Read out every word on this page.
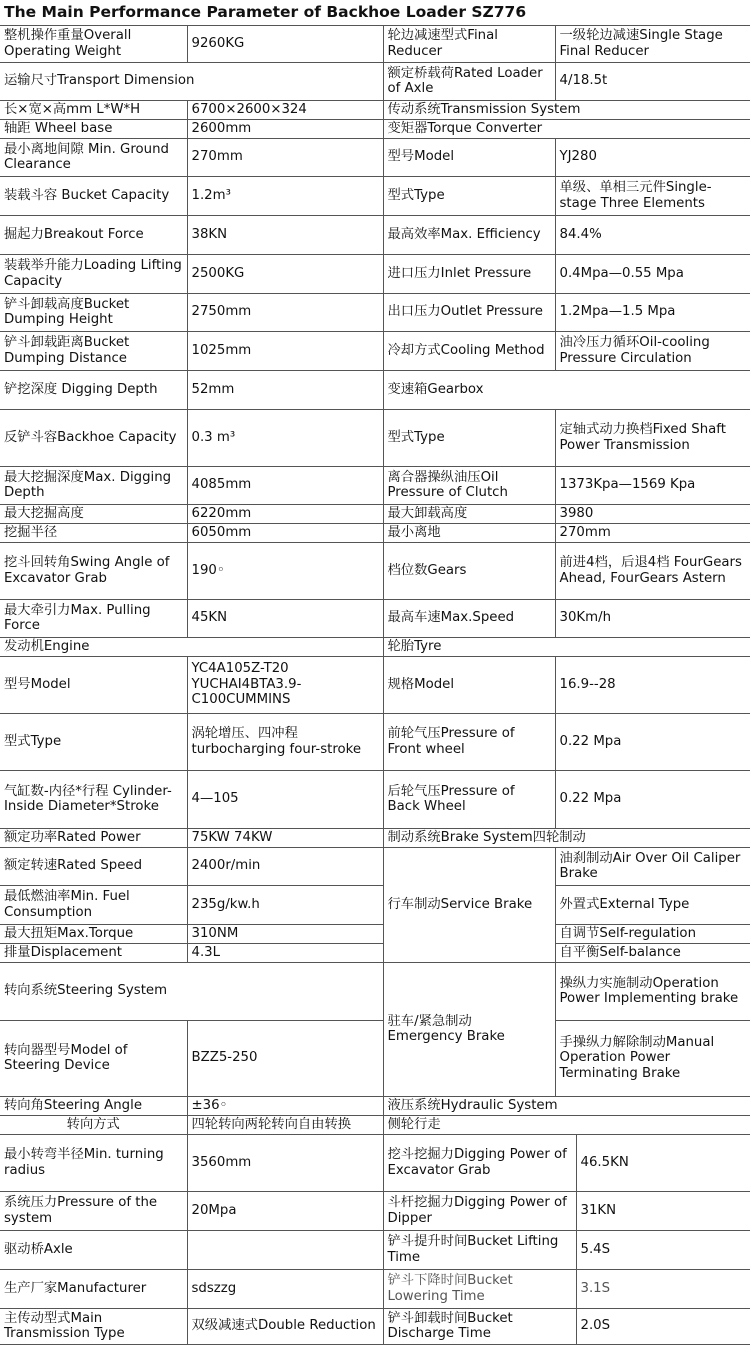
The Main Performance Parameter of Backhoe Loader SZ776
整机操作重量Overall Operating Weight	9260KG	轮边减速型式Final Reducer	一级轮边减速Single Stage Final Reducer	
运输尺寸Transport Dimension		额定桥载荷Rated Loader of Axle	4/18.5t	
长×宽×高mm L*W*H	6700×2600×324	传动系统Transmission System		
轴距 Wheel base	2600mm	变矩器Torque Converter		
最小离地间隙 Min. Ground Clearance	270mm	型号Model	YJ280	
装载斗容 Bucket Capacity	1.2m³	型式Type	单级、单相三元件Single-stage Three Elements	
掘起力Breakout Force	38KN	最高效率Max. Efficiency	84.4%	
装载举升能力Loading Lifting Capacity	2500KG	进口压力Inlet Pressure	0.4Mpa—0.55 Mpa	
铲斗卸载高度Bucket Dumping Height	2750mm	出口压力Outlet Pressure	1.2Mpa—1.5 Mpa	
铲斗卸载距离Bucket Dumping Distance	1025mm	冷却方式Cooling Method	油冷压力循环Oil-cooling Pressure Circulation	
铲挖深度 Digging Depth	52mm	变速箱Gearbox		
反铲斗容Backhoe Capacity	0.3 m³	型式Type	定轴式动力换档Fixed Shaft Power Transmission	
最大挖掘深度Max. Digging Depth	4085mm	离合器操纵油压Oil Pressure of Clutch	1373Kpa—1569 Kpa	
最大挖掘高度	6220mm	最大卸载高度	3980	
挖掘半径	6050mm	最小离地	270mm	
挖斗回转角Swing Angle of Excavator Grab	190◦	档位数Gears	前进4档，后退4档 FourGears Ahead, FourGears Astern	
最大牵引力Max. Pulling Force	45KN	最高车速Max.Speed	30Km/h	
发动机Engine		轮胎Tyre		
型号Model	YC4A105Z-T20 YUCHAI4BTA3.9-C100CUMMINS	规格Model	16.9--28	
型式Type	涡轮增压、四冲程 turbocharging four-stroke	前轮气压Pressure of Front wheel	0.22 Mpa	
气缸数-内径*行程 Cylinder-Inside Diameter*Stroke	4—105	后轮气压Pressure of Back Wheel	0.22 Mpa	
额定功率Rated Power	75KW 74KW	制动系统Brake System四轮制动		
额定转速Rated Speed	2400r/min	行车制动Service Brake	油刹制动Air Over Oil Caliper Brake	
最低燃油率Min. Fuel Consumption	235g/kw.h		外置式External Type	
最大扭矩Max.Torque	310NM		自调节Self-regulation	
排量Displacement	4.3L		自平衡Self-balance	
转向系统Steering System		驻车/紧急制动 Emergency Brake	操纵力实施制动Operation Power Implementing brake	
转向器型号Model of Steering Device	BZZ5-250		手操纵力解除制动Manual Operation Power Terminating Brake	
转向角Steering Angle	±36◦	液压系统Hydraulic System		
转向方式	四轮转向两轮转向自由转换	侧轮行走		
最小转弯半径Min. turning radius	3560mm	挖斗挖掘力Digging Power of Excavator Grab		46.5KN
系统压力Pressure of the system	20Mpa	斗杆挖掘力Digging Power of Dipper		31KN
驱动桥Axle		铲斗提升时间Bucket Lifting Time		5.4S
生产厂家Manufacturer	sdszzg	铲斗下降时间Bucket Lowering Time		3.1S
主传动型式Main Transmission Type	双级减速式Double Reduction	铲斗卸载时间Bucket Discharge Time		2.0S
